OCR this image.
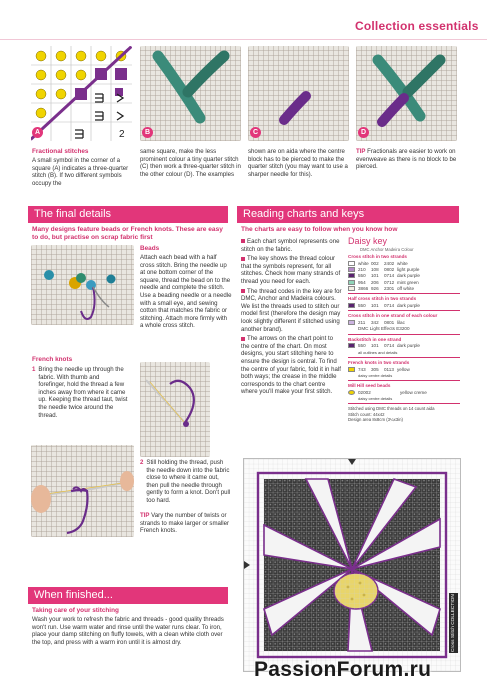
Collection essentials
2
A	B	C	D
Fractional stitches
A small symbol in the corner of a square (A) indicates a three-quarter stitch (B). If two different symbols occupy the
same square, make the less prominent colour a tiny quarter stitch (C) then work a three-quarter stitch in the other colour (D). The examples
shown are on aida where the centre block has to be pierced to make the quarter stitch (you may want to use a sharper needle for this).
TIP Fractionals are easier to work on evenweave as there is no block to be pierced.
The final details
Many designs feature beads or French knots. These are easy to do, but practise on scrap fabric first
Beads
Attach each bead with a half cross stitch. Bring the needle up at one bottom corner of the square, thread the bead on to the needle and complete the stitch. Use a beading needle or a needle with a small eye, and sewing cotton that matches the fabric or stitching. Attach more firmly with a whole cross stitch.
French knots
1 Bring the needle up through the fabric. With thumb and forefinger, hold the thread a few inches away from where it came up. Keeping the thread taut, twist the needle twice around the thread.
2 Still holding the thread, push the needle down into the fabric close to where it came out, then pull the needle through gently to form a knot. Don't pull too hard.
TIP Vary the number of twists or strands to make larger or smaller French knots.
When finished...
Taking care of your stitching
Wash your work to refresh the fabric and threads - good quality threads won't run. Use warm water and rinse until the water runs clear. To iron, place your damp stitching on fluffy towels, with a clean white cloth over the top, and press with a warm iron until it is almost dry.
Reading charts and keys
The charts are easy to follow when you know how
Each chart symbol represents one stitch on the fabric.
The key shows the thread colour that the symbols represent, for all stitches. Check how many strands of thread you need for each.
The thread codes in the key are for DMC, Anchor and Madeira colours. We list the threads used to stitch our model first (therefore the design may look slightly different if stitched using another brand).
The arrows on the chart point to the centre of the chart. On most designs, you start stitching here to ensure the design is central. To find the centre of your fabric, fold it in half both ways; the crease in the middle corresponds to the chart centre where you'll make your first stitch.
Daisy key
DMC Anchor Madeira Colour
Cross stitch in two strands
white 002	2402 white
210	108	0802 light purple
550	101	0714 dark purple
954	206	0712 mint green
3866 926	2301 off white
Half cross stitch in two strands
550	101	0714 dark purple
Cross stitch in one strand of each colour
211	342	0801 lilac
DMC Light Effects E3200
Backstitch in one strand
550	101	0714 dark purple
all outlines and details
French knots in two strands
743	305	0113 yellow
daisy centre details
Mill Hill seed beads
02002	yellow creme
daisy centre details
Stitched using DMC threads on 14 count aida
Stitch count: 44x42
Design area 8x8cm (3¼x3in)
Cross Stitch COLLECTION
PassionForum.ru
